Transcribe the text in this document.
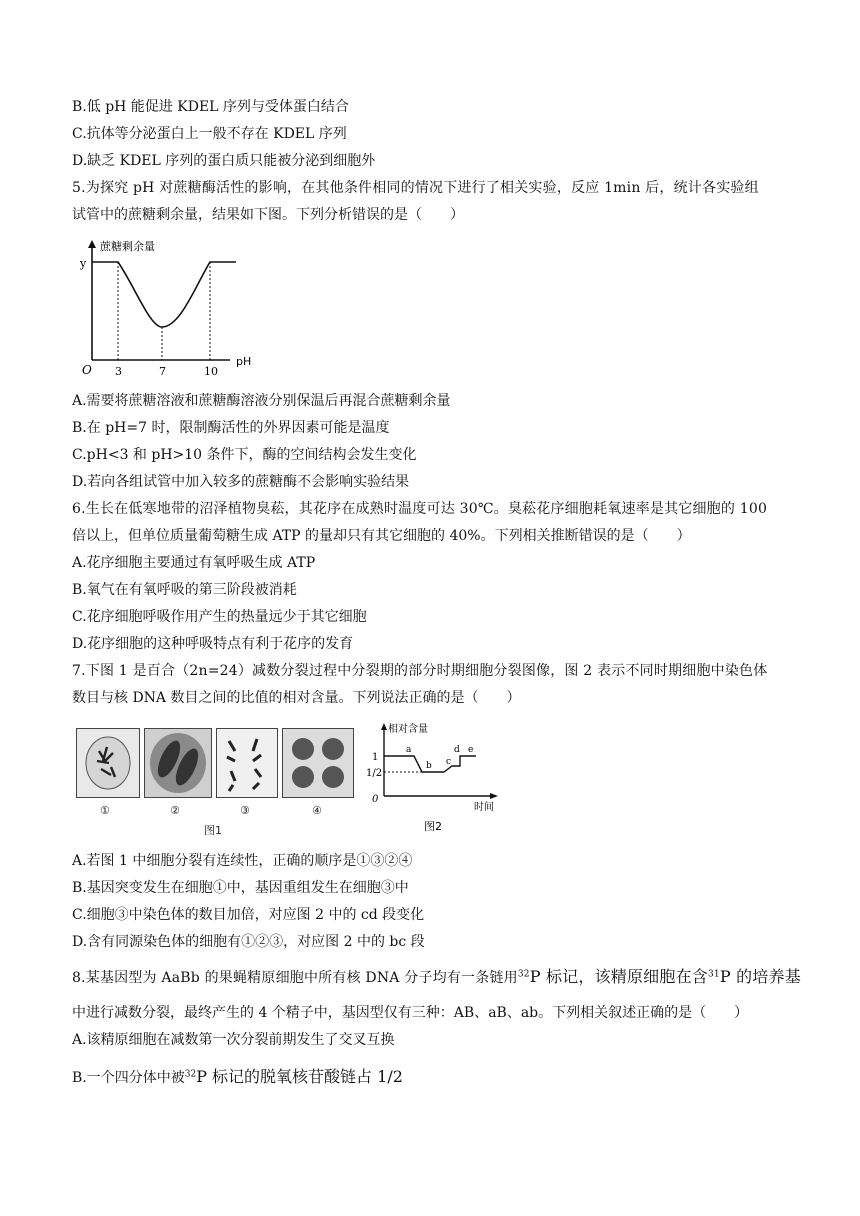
B.低 pH 能促进 KDEL 序列与受体蛋白结合
C.抗体等分泌蛋白上一般不存在 KDEL 序列
D.缺乏 KDEL 序列的蛋白质只能被分泌到细胞外
5.为探究 pH 对蔗糖酶活性的影响，在其他条件相同的情况下进行了相关实验，反应 1min 后，统计各实验组
试管中的蔗糖剩余量，结果如下图。下列分析错误的是（　　）
蔗糖剩余量
y
O 3	7	10
pH
A.需要将蔗糖溶液和蔗糖酶溶液分别保温后再混合蔗糖剩余量
B.在 pH=7 时，限制酶活性的外界因素可能是温度
C.pH<3 和 pH>10 条件下，酶的空间结构会发生变化
D.若向各组试管中加入较多的蔗糖酶不会影响实验结果
6.生长在低寒地带的沼泽植物臭菘，其花序在成熟时温度可达 30℃。臭菘花序细胞耗氧速率是其它细胞的 100
倍以上，但单位质量葡萄糖生成 ATP 的量却只有其它细胞的 40%。下列相关推断错误的是（　　）
A.花序细胞主要通过有氧呼吸生成 ATP
B.氧气在有氧呼吸的第三阶段被消耗
C.花序细胞呼吸作用产生的热量远少于其它细胞
D.花序细胞的这种呼吸特点有利于花序的发育
7.下图 1 是百合（2n=24）减数分裂过程中分裂期的部分时期细胞分裂图像，图 2 表示不同时期细胞中染色体
数目与核 DNA 数目之间的比值的相对含量。下列说法正确的是（　　）
①	②	③	④
图1
相对含量
1
1/2
0
a
b c
d e
时间
图2
A.若图 1 中细胞分裂有连续性，正确的顺序是①③②④
B.基因突变发生在细胞①中，基因重组发生在细胞③中
C.细胞③中染色体的数目加倍，对应图 2 中的 cd 段变化
D.含有同源染色体的细胞有①②③，对应图 2 中的 bc 段
8.某基因型为 AaBb 的果蝇精原细胞中所有核 DNA 分子均有一条链用$^{32}$P 标记，该精原细胞在含$^{31}$P 的培养基
中进行减数分裂，最终产生的 4 个精子中，基因型仅有三种：AB、aB、ab。下列相关叙述正确的是（　　）
A.该精原细胞在减数第一次分裂前期发生了交叉互换
B.一个四分体中被$^{32}$P 标记的脱氧核苷酸链占 1/2
